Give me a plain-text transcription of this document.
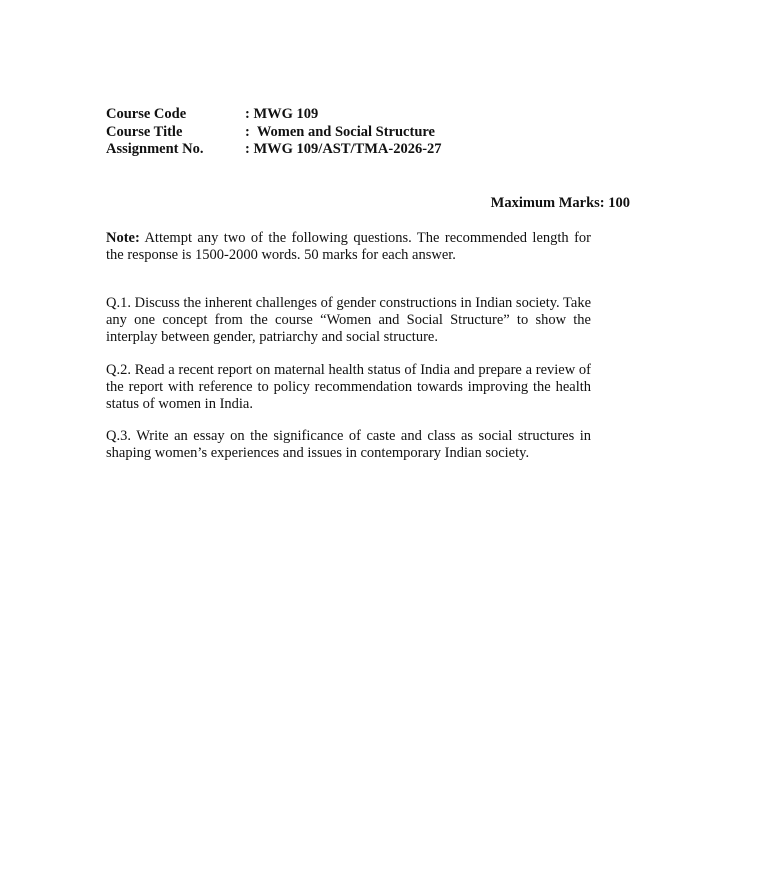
Course Code	: MWG 109
Course Title	:  Women and Social Structure
Assignment No.	: MWG 109/AST/TMA-2026-27
Maximum Marks: 100

Note: Attempt any two of the following questions. The recommended length for the response is 1500-2000 words. 50 marks for each answer.

Q.1. Discuss the inherent challenges of gender constructions in Indian society. Take any one concept from the course “Women and Social Structure” to show the interplay between gender, patriarchy and social structure.

Q.2. Read a recent report on maternal health status of India and prepare a review of the report with reference to policy recommendation towards improving the health status of women in India.

Q.3. Write an essay on the significance of caste and class as social structures in shaping women’s experiences and issues in contemporary Indian society.
